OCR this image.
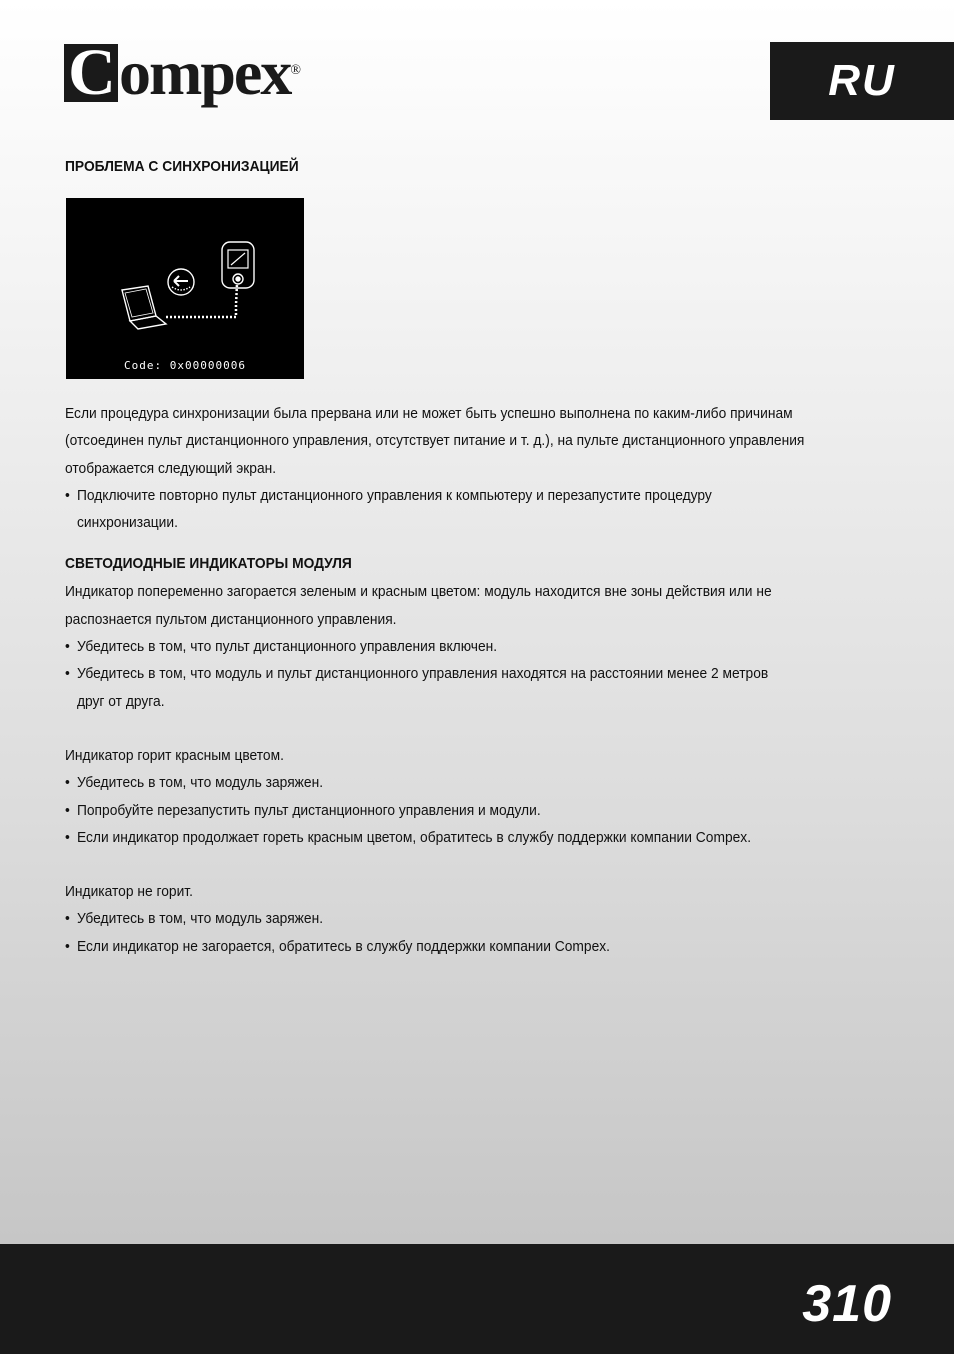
Compex®	RU

ПРОБЛЕМА С СИНХРОНИЗАЦИЕЙ

Code: 0x00000006

Если процедура синхронизации была прервана или не может быть успешно выполнена по каким-либо причинам

(отсоединен пульт дистанционного управления, отсутствует питание и т. д.), на пульте дистанционного управления

отображается следующий экран.

• Подключите повторно пульт дистанционного управления к компьютеру и перезапустите процедуру

синхронизации.

СВЕТОДИОДНЫЕ ИНДИКАТОРЫ МОДУЛЯ

Индикатор попеременно загорается зеленым и красным цветом: модуль находится вне зоны действия или не

распознается пультом дистанционного управления.

• Убедитесь в том, что пульт дистанционного управления включен.

• Убедитесь в том, что модуль и пульт дистанционного управления находятся на расстоянии менее 2 метров

друг от друга.

Индикатор горит красным цветом.

• Убедитесь в том, что модуль заряжен.

• Попробуйте перезапустить пульт дистанционного управления и модули.

• Если индикатор продолжает гореть красным цветом, обратитесь в службу поддержки компании Compex.

Индикатор не горит.

• Убедитесь в том, что модуль заряжен.

• Если индикатор не загорается, обратитесь в службу поддержки компании Compex.

310
